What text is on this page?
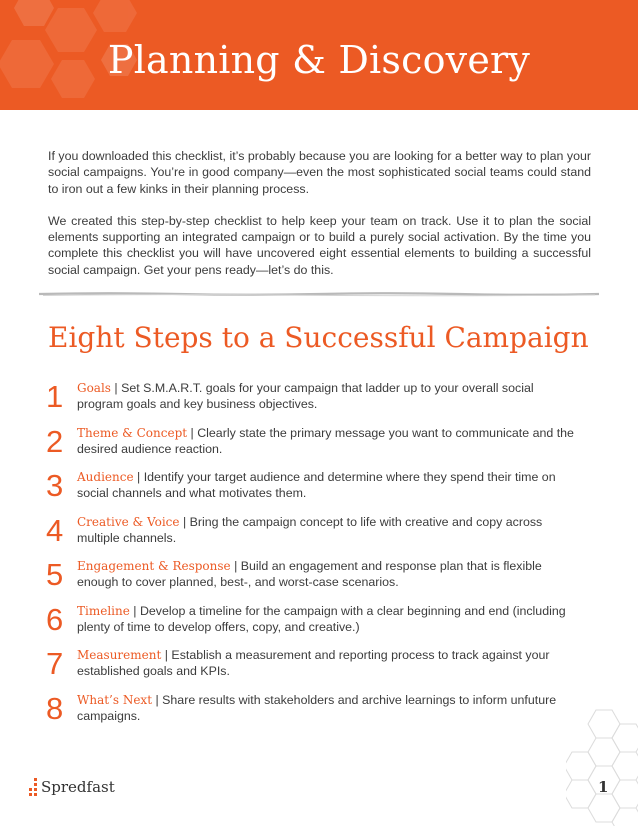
Planning & Discovery

If you downloaded this checklist, it’s probably because you are looking for a better way to plan your social campaigns. You’re in good company—even the most sophisticated social teams could stand to iron out a few kinks in their planning process.

We created this step-by-step checklist to help keep your team on track. Use it to plan the social elements supporting an integrated campaign or to build a purely social activation. By the time you complete this checklist you will have uncovered eight essential elements to building a successful social campaign. Get your pens ready—let’s do this.

Eight Steps to a Successful Campaign
1	Goals | Set S.M.A.R.T. goals for your campaign that ladder up to your overall social program goals and key business objectives.
2	Theme & Concept | Clearly state the primary message you want to communicate and the desired audience reaction.
3	Audience | Identify your target audience and determine where they spend their time on social channels and what motivates them.
4	Creative & Voice | Bring the campaign concept to life with creative and copy across multiple channels.
5	Engagement & Response | Build an engagement and response plan that is flexible enough to cover planned, best-, and worst-case scenarios.
6	Timeline | Develop a timeline for the campaign with a clear beginning and end (including plenty of time to develop offers, copy, and creative.)
7	Measurement | Establish a measurement and reporting process to track against your established goals and KPIs.
8	What’s Next | Share results with stakeholders and archive learnings to inform unfuture campaigns.
Spredfast	1
